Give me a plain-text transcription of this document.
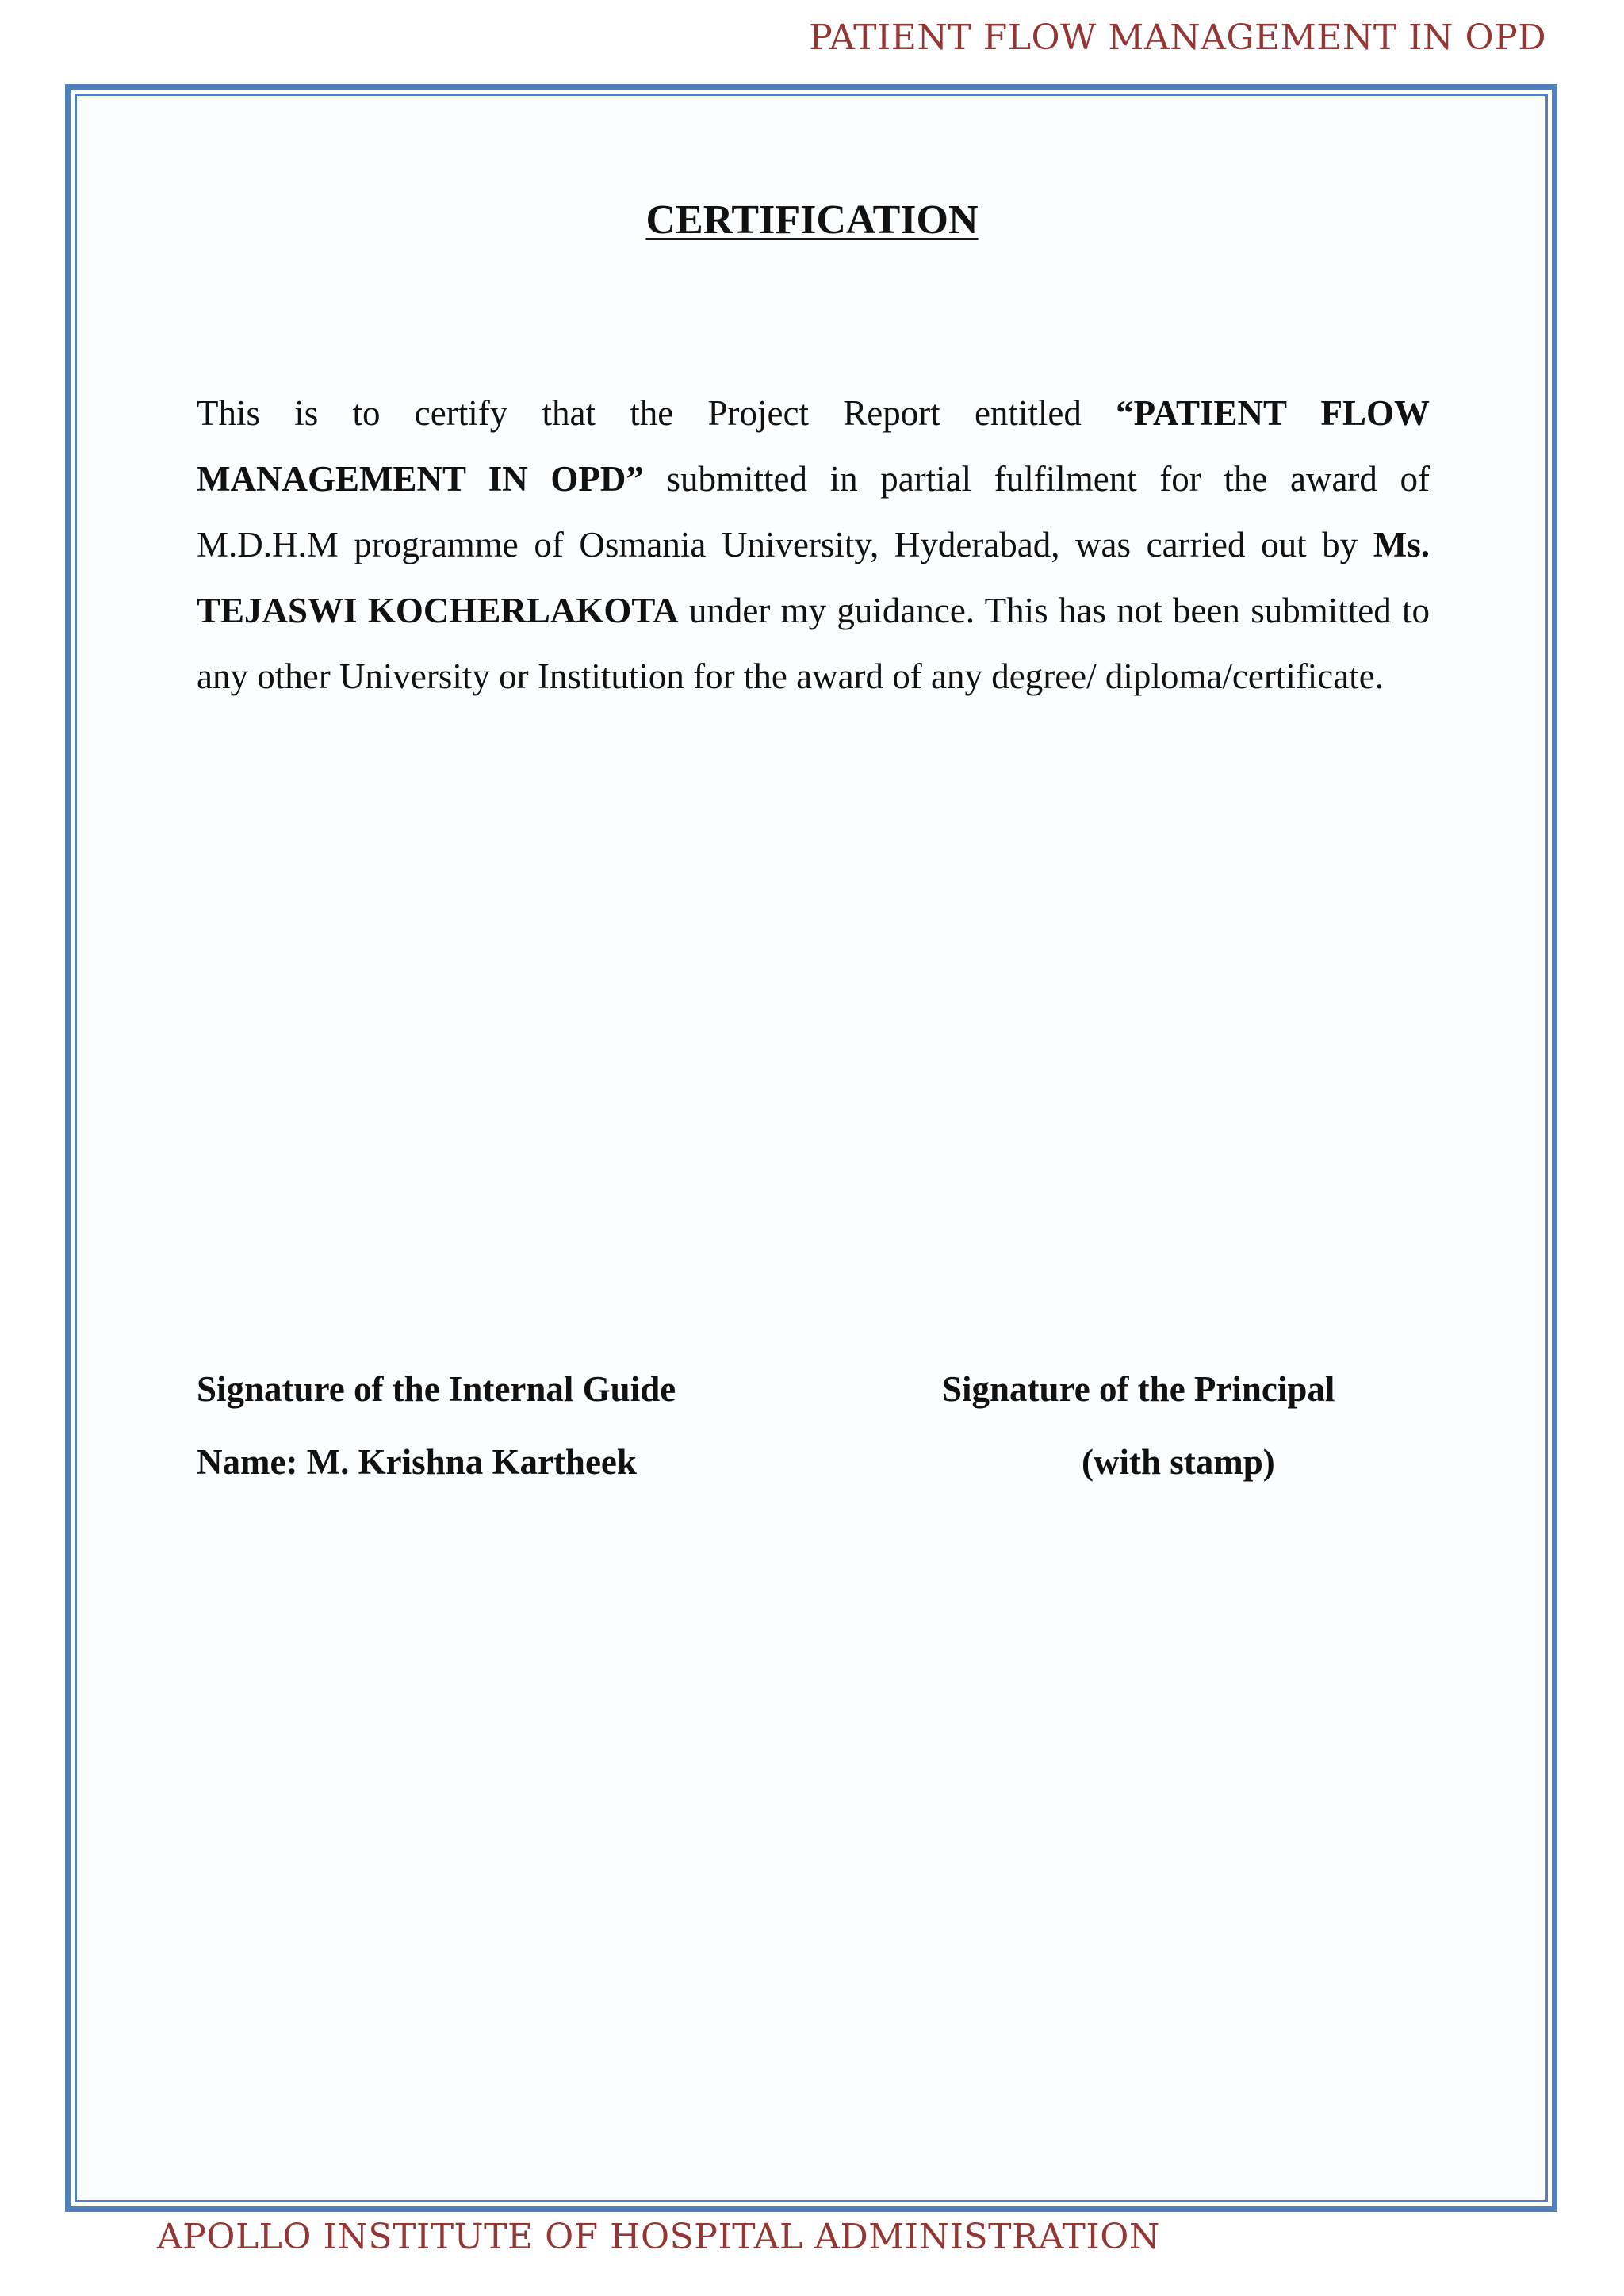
PATIENT FLOW MANAGEMENT IN OPD
CERTIFICATION
This is to certify that the Project Report entitled “PATIENT FLOW MANAGEMENT IN OPD” submitted in partial fulfilment for the award of M.D.H.M programme of Osmania University, Hyderabad, was carried out by Ms. TEJASWI KOCHERLAKOTA under my guidance. This has not been submitted to any other University or Institution for the award of any degree/ diploma/certificate.
Signature of the Internal Guide
Name: M. Krishna Kartheek
Signature of the Principal
(with stamp)
APOLLO INSTITUTE OF HOSPITAL ADMINISTRATION
